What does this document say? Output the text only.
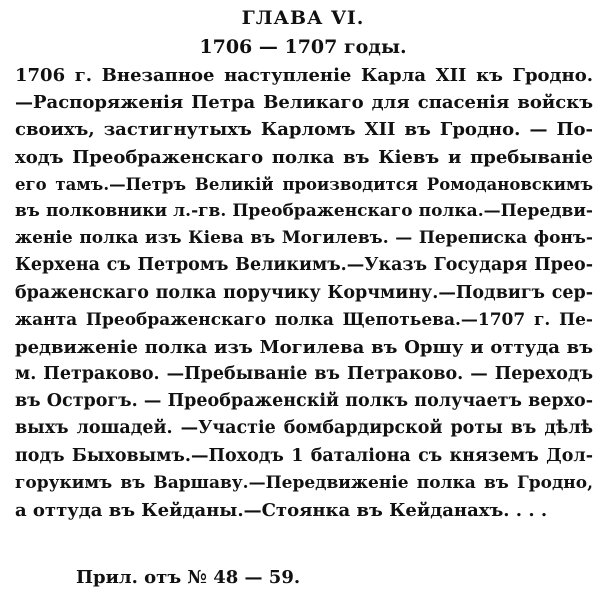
ГЛАВА VI.
1706 — 1707 годы.
1706 г. Внезапное наступленіе Карла XII къ Гродно.
—Распоряженія Петра Великаго для спасенія войскъ
своихъ, застигнутыхъ Карломъ XII въ Гродно. — По-
ходъ Преображенскаго полка въ Кіевъ и пребываніе
его тамъ.—Петръ Великій производится Ромодановскимъ
въ полковники л.-гв. Преображенскаго полка.—Передви-
женіе полка изъ Кіева въ Могилевъ. — Переписка фонъ-
Керхена съ Петромъ Великимъ.—Указъ Государя Прео-
браженскаго полка поручику Корчмину.—Подвигъ сер-
жанта Преображенскаго полка Щепотьева.—1707 г. Пе-
редвиженіе полка изъ Могилева въ Оршу и оттуда въ
м. Петраково. —Пребываніе въ Петраково. — Переходъ
въ Острогъ. — Преображенскій полкъ получаетъ верхо-
выхъ лошадей. —Участіе бомбардирской роты въ дѣлѣ
подъ Быховымъ.—Походъ 1 баталіона съ княземъ Дол-
горукимъ въ Варшаву.—Передвиженіе полка въ Гродно,
а оттуда въ Кейданы.—Стоянка въ Кейданахъ. . . .
Прил. отъ № 48 — 59.
